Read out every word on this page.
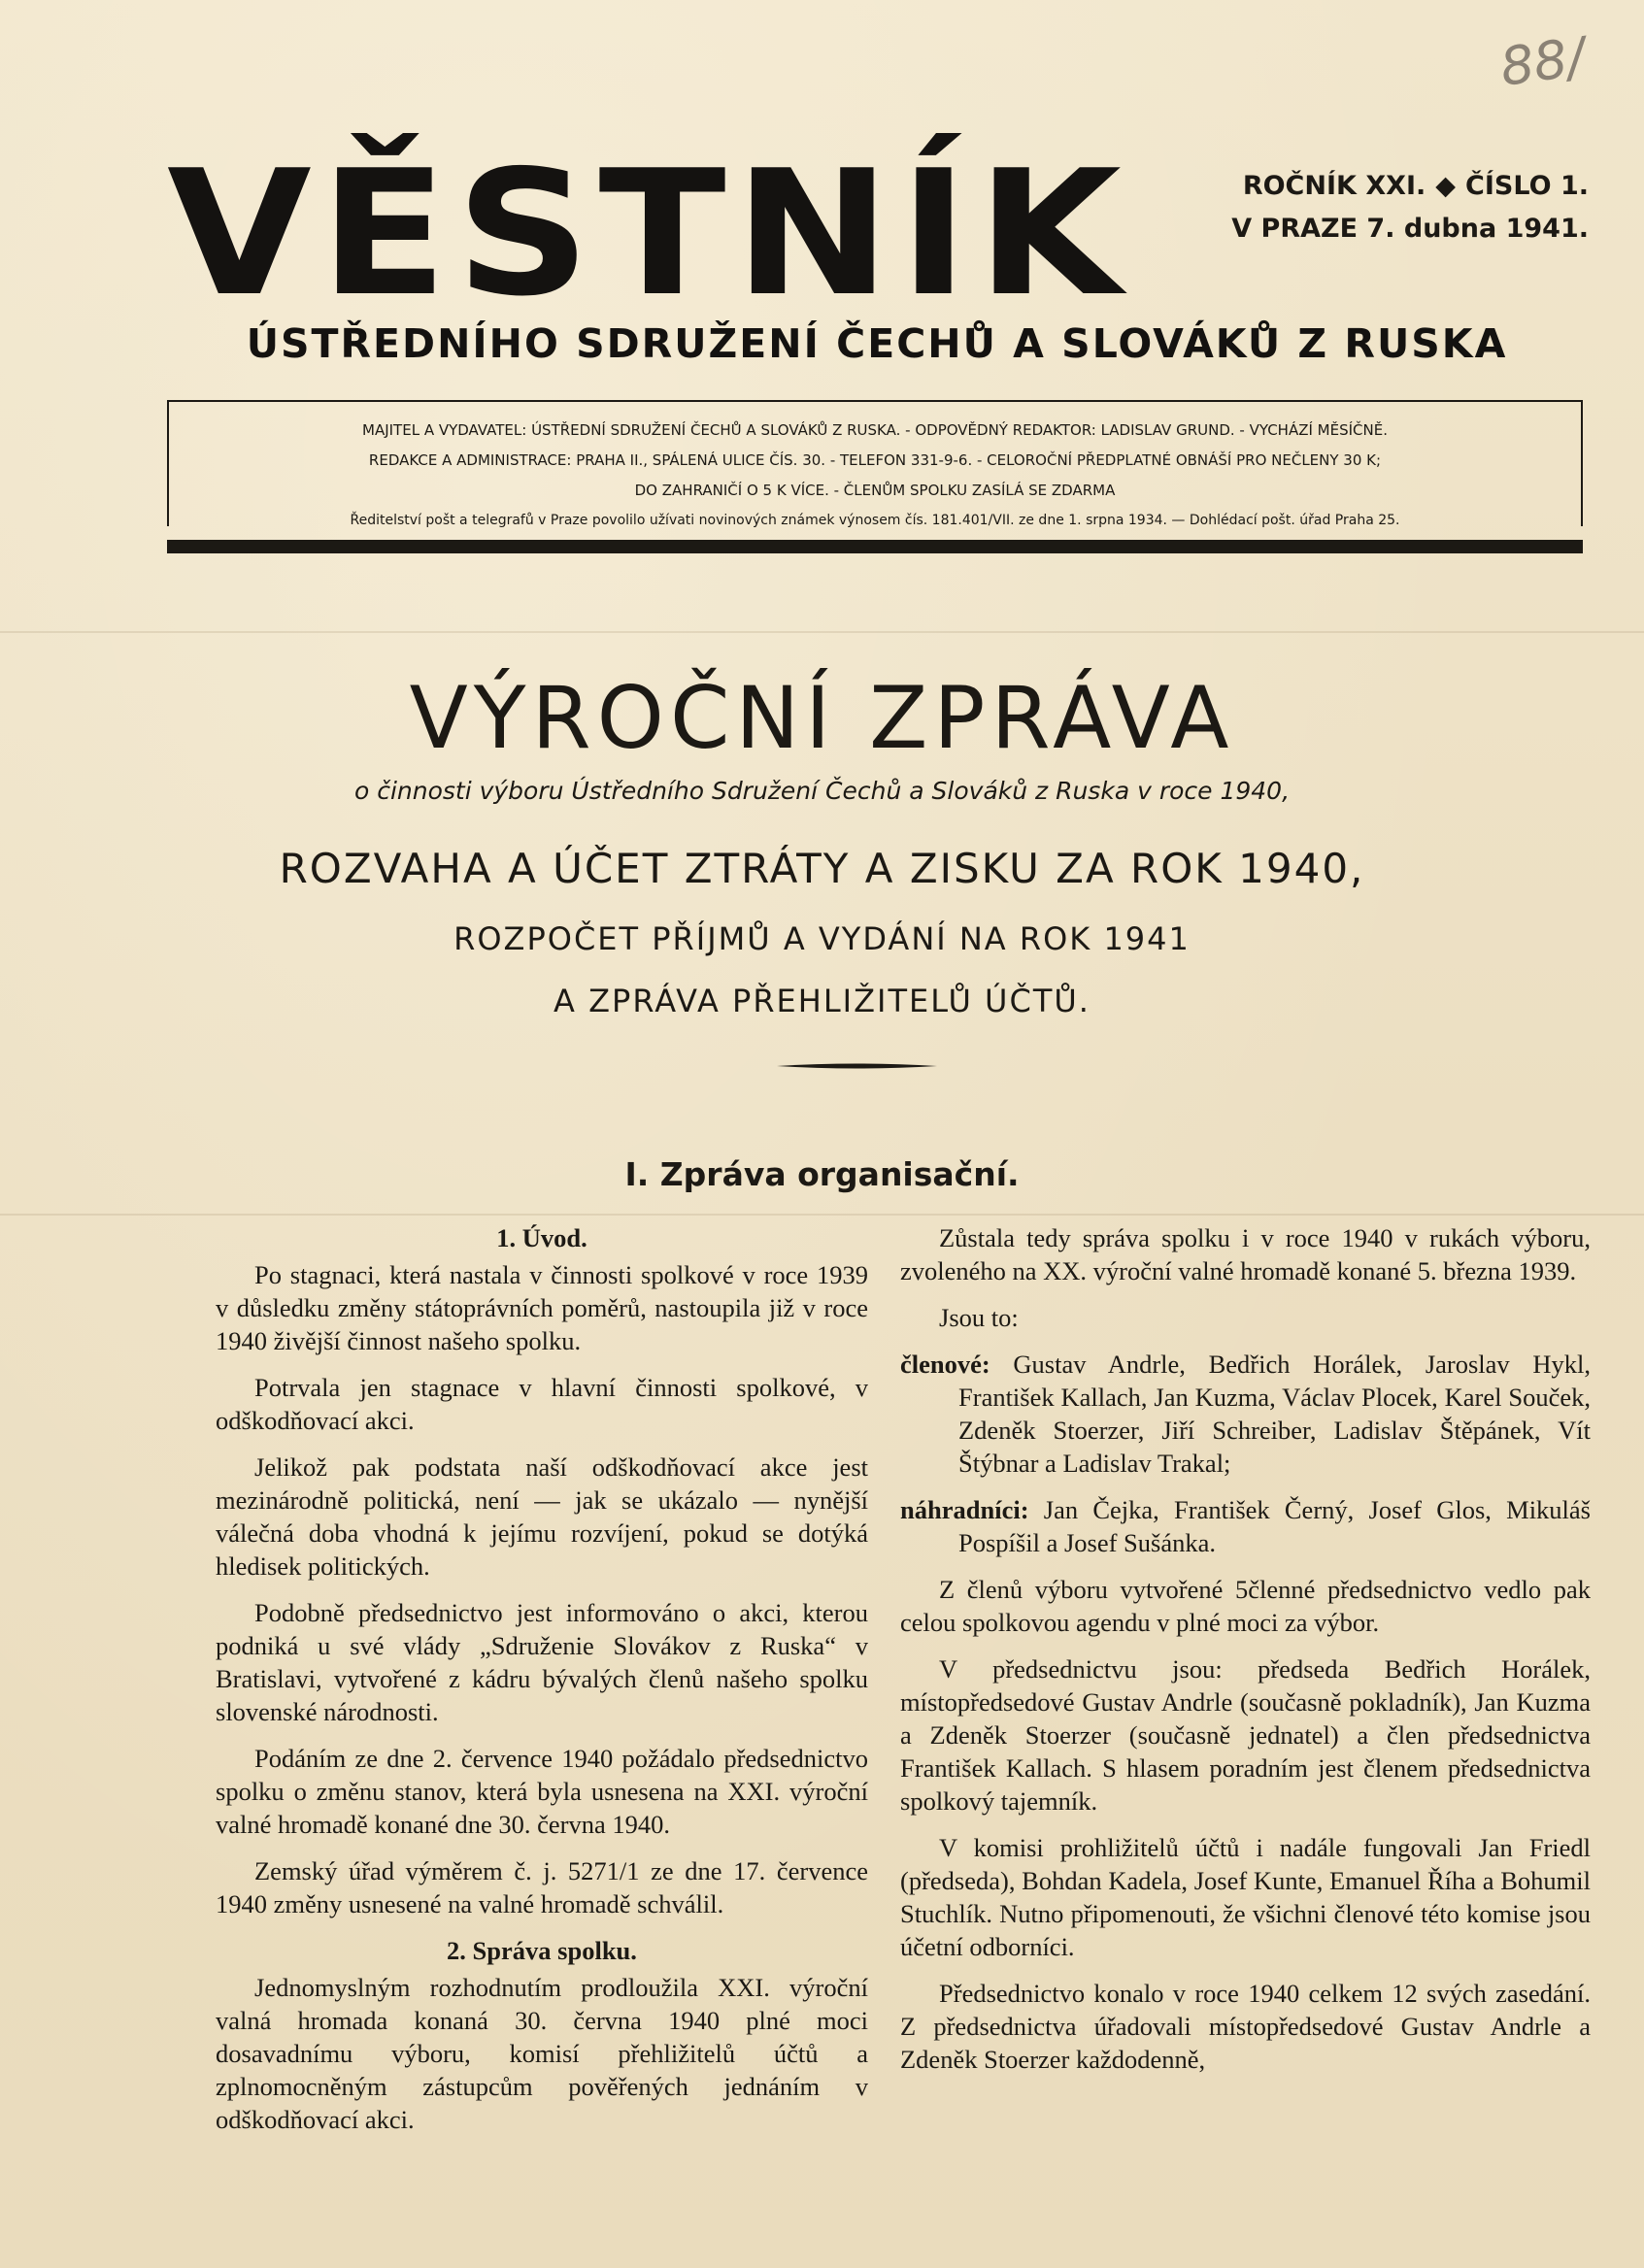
88/
VĚSTNÍK	ROČNÍK XXI. ◆ ČÍSLO 1.
V PRAZE 7. dubna 1941.
ÚSTŘEDNÍHO SDRUŽENÍ ČECHŮ A SLOVÁKŮ Z RUSKA
MAJITEL A VYDAVATEL: ÚSTŘEDNÍ SDRUŽENÍ ČECHŮ A SLOVÁKŮ Z RUSKA. - ODPOVĚDNÝ REDAKTOR: LADISLAV GRUND. - VYCHÁZÍ MĚSÍČNĚ.
REDAKCE A ADMINISTRACE: PRAHA II., SPÁLENÁ ULICE ČÍS. 30. - TELEFON 331-9-6. - CELOROČNÍ PŘEDPLATNÉ OBNÁŠÍ PRO NEČLENY 30 K;
DO ZAHRANIČÍ O 5 K VÍCE. - ČLENŮM SPOLKU ZASÍLÁ SE ZDARMA
Ředitelství pošt a telegrafů v Praze povolilo užívati novinových známek výnosem čís. 181.401/VII. ze dne 1. srpna 1934. — Dohlédací pošt. úřad Praha 25.
VÝROČNÍ ZPRÁVA
o činnosti výboru Ústředního Sdružení Čechů a Slováků z Ruska v roce 1940,
ROZVAHA A ÚČET ZTRÁTY A ZISKU ZA ROK 1940,
ROZPOČET PŘÍJMŮ A VYDÁNÍ NA ROK 1941
A ZPRÁVA PŘEHLIŽITELŮ ÚČTŮ.
I. Zpráva organisační.
1. Úvod.

Po stagnaci, která nastala v činnosti spolkové v roce 1939 v důsledku změny státoprávních poměrů, nastoupila již v roce 1940 živější činnost našeho spolku.

Potrvala jen stagnace v hlavní činnosti spolkové, v odškodňovací akci.

Jelikož pak podstata naší odškodňovací akce jest mezinárodně politická, není — jak se ukázalo — nynější válečná doba vhodná k jejímu rozvíjení, pokud se dotýká hledisek politických.

Podobně předsednictvo jest informováno o akci, kterou podniká u své vlády „Sdruženie Slovákov z Ruska“ v Bratislavi, vytvořené z kádru bývalých členů našeho spolku slovenské národnosti.

Podáním ze dne 2. července 1940 požádalo předsednictvo spolku o změnu stanov, která byla usnesena na XXI. výroční valné hromadě konané dne 30. června 1940.

Zemský úřad výměrem č. j. 5271/1 ze dne 17. července 1940 změny usnesené na valné hromadě schválil.

2. Správa spolku.

Jednomyslným rozhodnutím prodloužila XXI. výroční valná hromada konaná 30. června 1940 plné moci dosavadnímu výboru, komisí přehližitelů účtů a zplnomocněným zástupcům pověřených jednáním v odškodňovací akci.

Zůstala tedy správa spolku i v roce 1940 v rukách výboru, zvoleného na XX. výroční valné hromadě konané 5. března 1939.

Jsou to:

členové: Gustav Andrle, Bedřich Horálek, Jaroslav Hykl, František Kallach, Jan Kuzma, Václav Plocek, Karel Souček, Zdeněk Stoerzer, Jiří Schreiber, Ladislav Štěpánek, Vít Štýbnar a Ladislav Trakal;

náhradníci: Jan Čejka, František Černý, Josef Glos, Mikuláš Pospíšil a Josef Sušánka.

Z členů výboru vytvořené 5členné předsednictvo vedlo pak celou spolkovou agendu v plné moci za výbor.

V předsednictvu jsou: předseda Bedřich Horálek, místopředsedové Gustav Andrle (současně pokladník), Jan Kuzma a Zdeněk Stoerzer (současně jednatel) a člen předsednictva František Kallach. S hlasem poradním jest členem předsednictva spolkový tajemník.

V komisi prohližitelů účtů i nadále fungovali Jan Friedl (předseda), Bohdan Kadela, Josef Kunte, Emanuel Říha a Bohumil Stuchlík. Nutno připomenouti, že všichni členové této komise jsou účetní odborníci.

Předsednictvo konalo v roce 1940 celkem 12 svých zasedání. Z předsednictva úřadovali místopředsedové Gustav Andrle a Zdeněk Stoerzer každodenně,
